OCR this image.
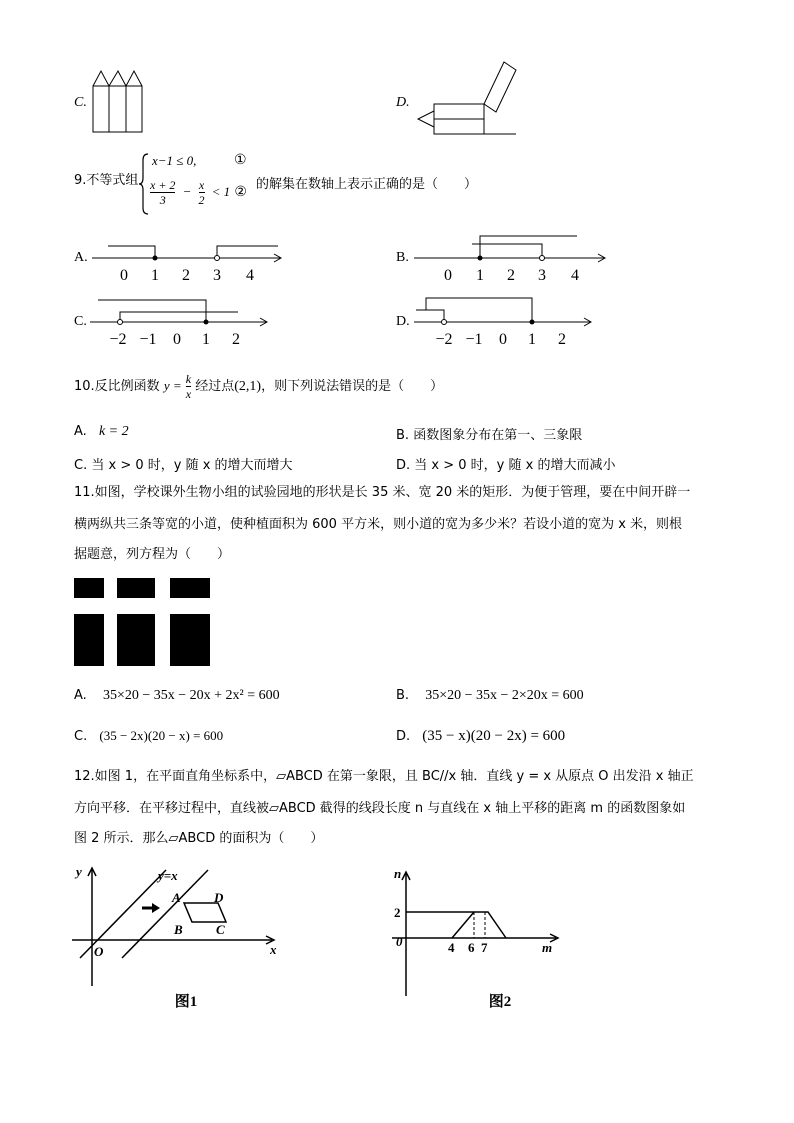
C.	D.
9.不等式组
x−1 ≤ 0,	①
$\frac{x + 2}{3} - \frac{x}{2} < 1$ ② 的解集在数轴上表示正确的是（　　）
A.
0 1 2 3 4
B.
0 1 2 3 4
C.
−2 −1 0 1 2
D.
−2 −1 0 1 2
10.反比例函数 $y = \frac{k}{x}$ 经过点(2,1)，则下列说法错误的是（　　）
A. k = 2	B. 函数图象分布在第一、三象限
C. 当 x > 0 时，y 随 x 的增大而增大	D. 当 x > 0 时，y 随 x 的增大而减小
11.如图，学校课外生物小组的试验园地的形状是长 35 米、宽 20 米的矩形．为便于管理，要在中间开辟一
横两纵共三条等宽的小道，使种植面积为 600 平方米，则小道的宽为多少米？若设小道的宽为 x 米，则根
据题意，列方程为（　　）
A. 35×20 − 35x − 20x + 2x² = 600	B. 35×20 − 35x − 2×20x = 600
C. (35 − 2x)(20 − x) = 600	D. (35 − x)(20 − 2x) = 600
12.如图 1，在平面直角坐标系中，▱ABCD 在第一象限，且 BC//x 轴．直线 y = x 从原点 O 出发沿 x 轴正
方向平移．在平移过程中，直线被▱ABCD 截得的线段长度 n 与直线在 x 轴上平移的距离 m 的函数图象如
图 2 所示．那么▱ABCD 的面积为（　　）
y
x
O
y=x
A	D
B	C
图1
n
m
0
2
4 6 7
图2
